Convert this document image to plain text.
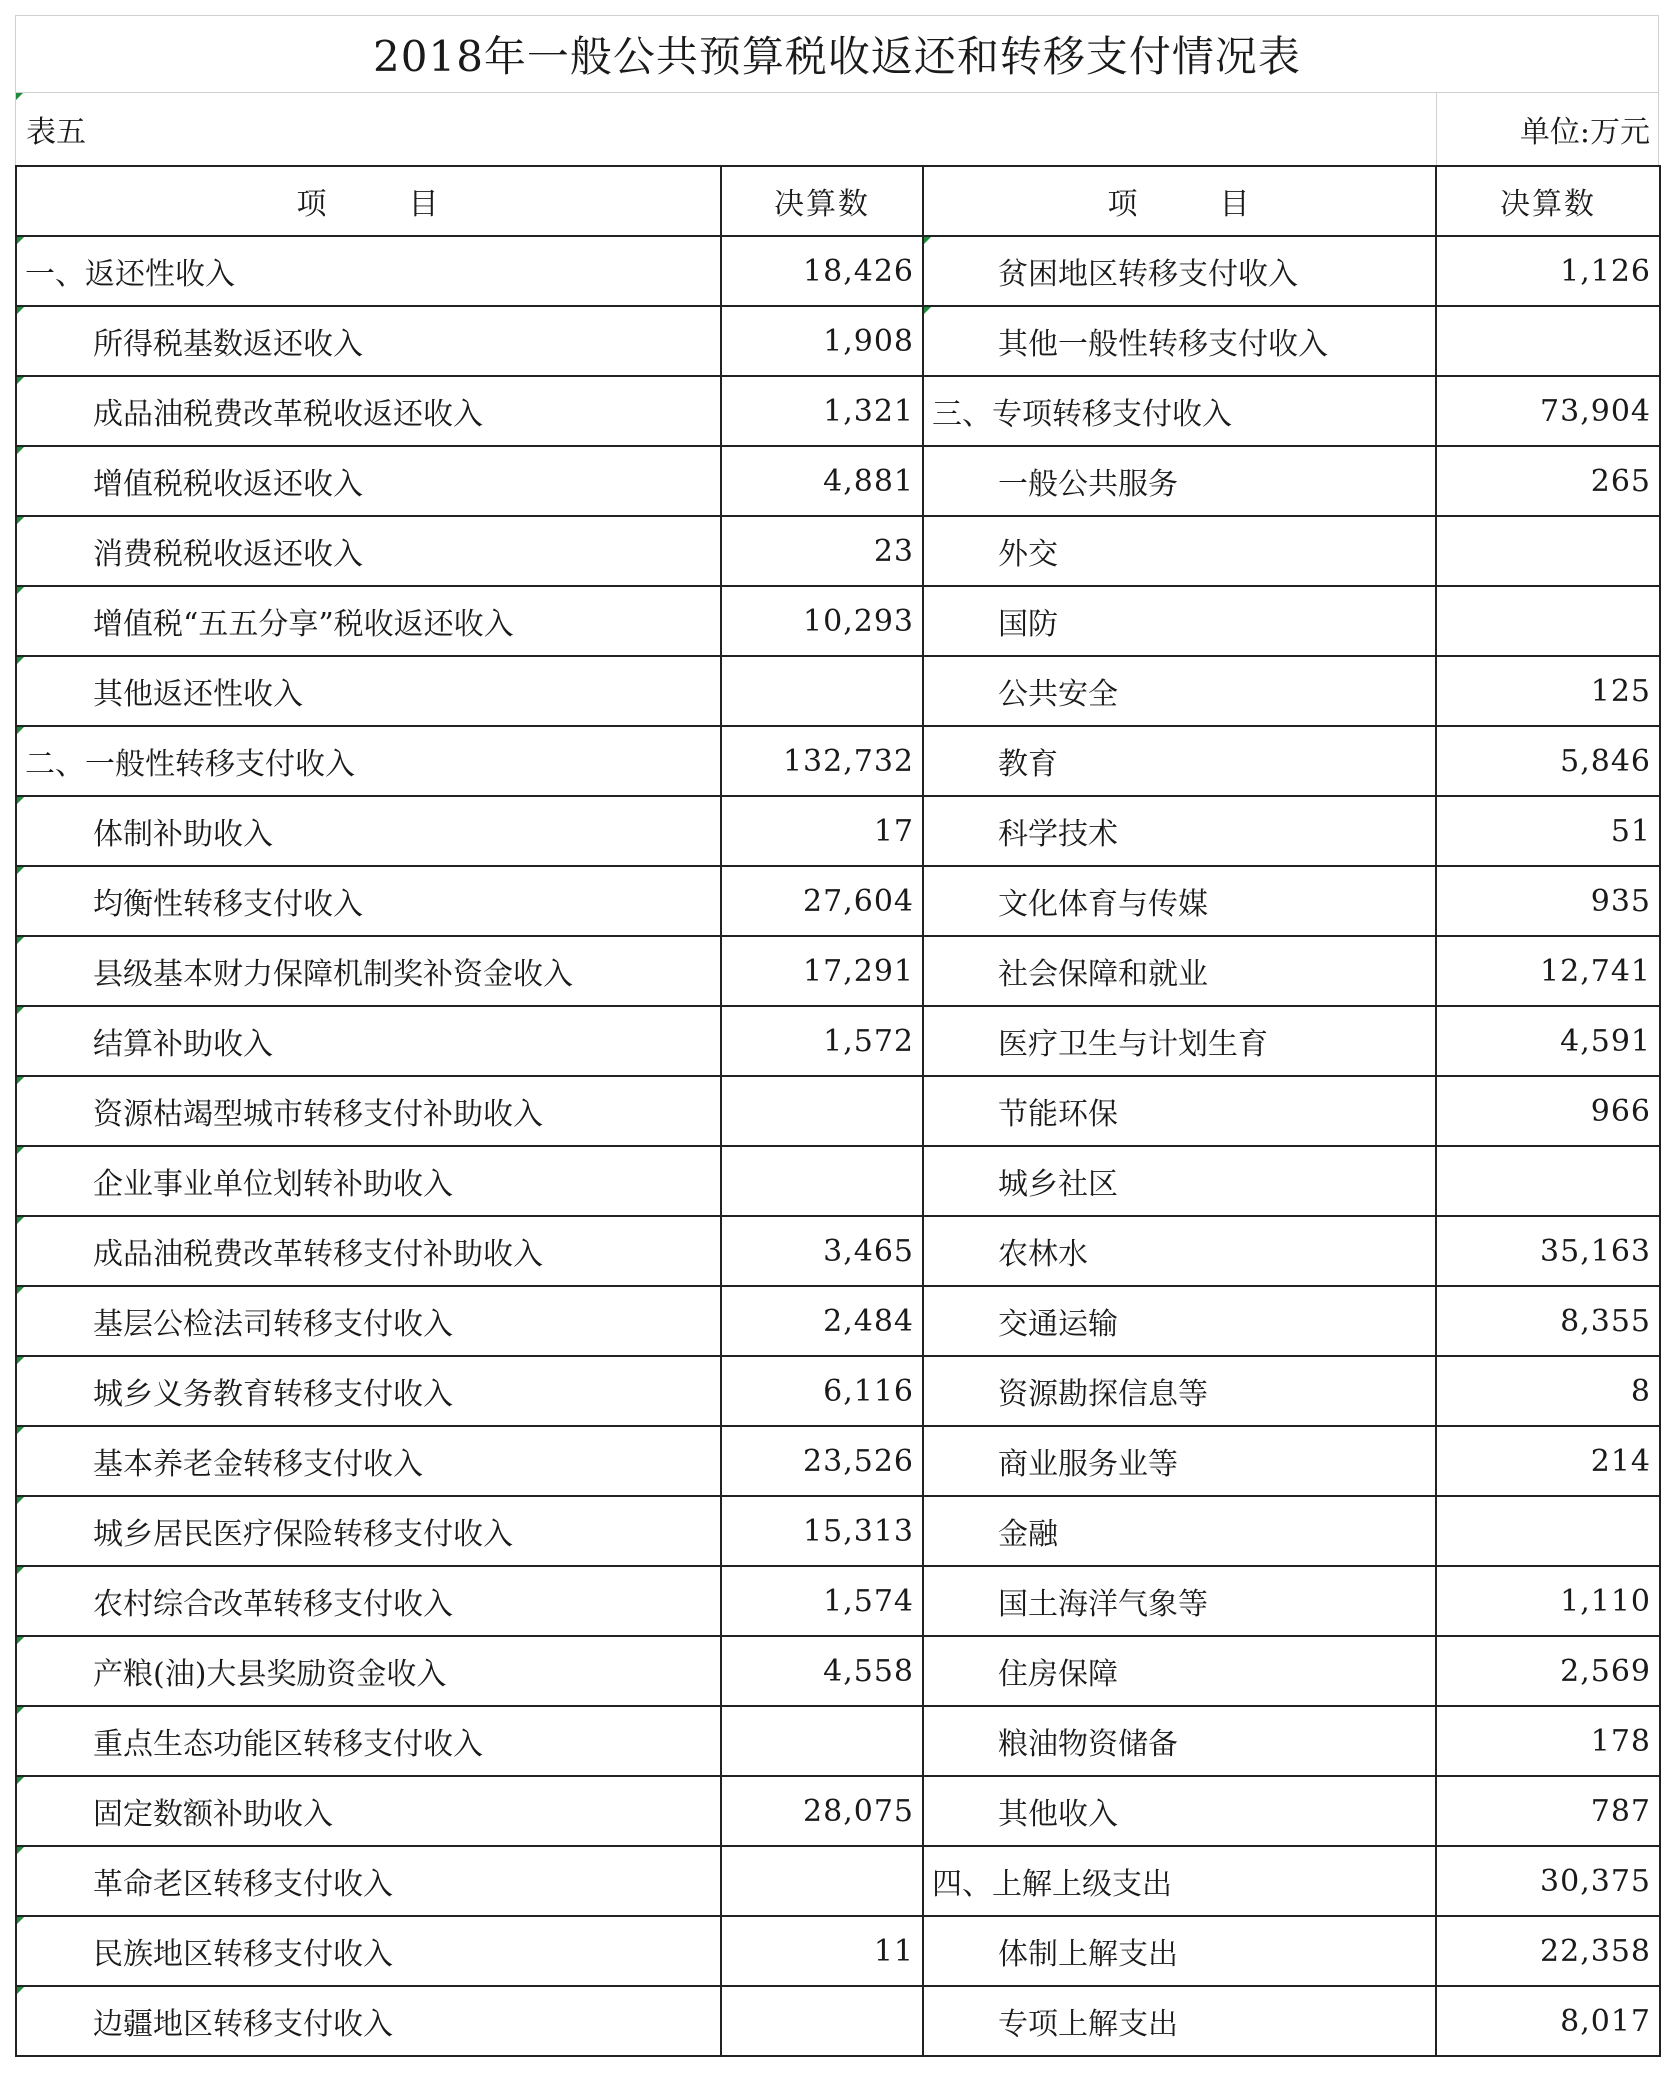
2018年一般公共预算税收返还和转移支付情况表
表五	单位:万元
项 目	决算数	项 目	决算数
一、返还性收入	18,426	贫困地区转移支付收入	1,126
所得税基数返还收入	1,908	其他一般性转移支付收入	
成品油税费改革税收返还收入	1,321	三、专项转移支付收入	73,904
增值税税收返还收入	4,881	一般公共服务	265
消费税税收返还收入	23	外交	
增值税“五五分享”税收返还收入	10,293	国防	
其他返还性收入		公共安全	125
二、一般性转移支付收入	132,732	教育	5,846
体制补助收入	17	科学技术	51
均衡性转移支付收入	27,604	文化体育与传媒	935
县级基本财力保障机制奖补资金收入	17,291	社会保障和就业	12,741
结算补助收入	1,572	医疗卫生与计划生育	4,591
资源枯竭型城市转移支付补助收入		节能环保	966
企业事业单位划转补助收入		城乡社区	
成品油税费改革转移支付补助收入	3,465	农林水	35,163
基层公检法司转移支付收入	2,484	交通运输	8,355
城乡义务教育转移支付收入	6,116	资源勘探信息等	8
基本养老金转移支付收入	23,526	商业服务业等	214
城乡居民医疗保险转移支付收入	15,313	金融	
农村综合改革转移支付收入	1,574	国土海洋气象等	1,110
产粮(油)大县奖励资金收入	4,558	住房保障	2,569
重点生态功能区转移支付收入		粮油物资储备	178
固定数额补助收入	28,075	其他收入	787
革命老区转移支付收入		四、上解上级支出	30,375
民族地区转移支付收入	11	体制上解支出	22,358
边疆地区转移支付收入		专项上解支出	8,017
